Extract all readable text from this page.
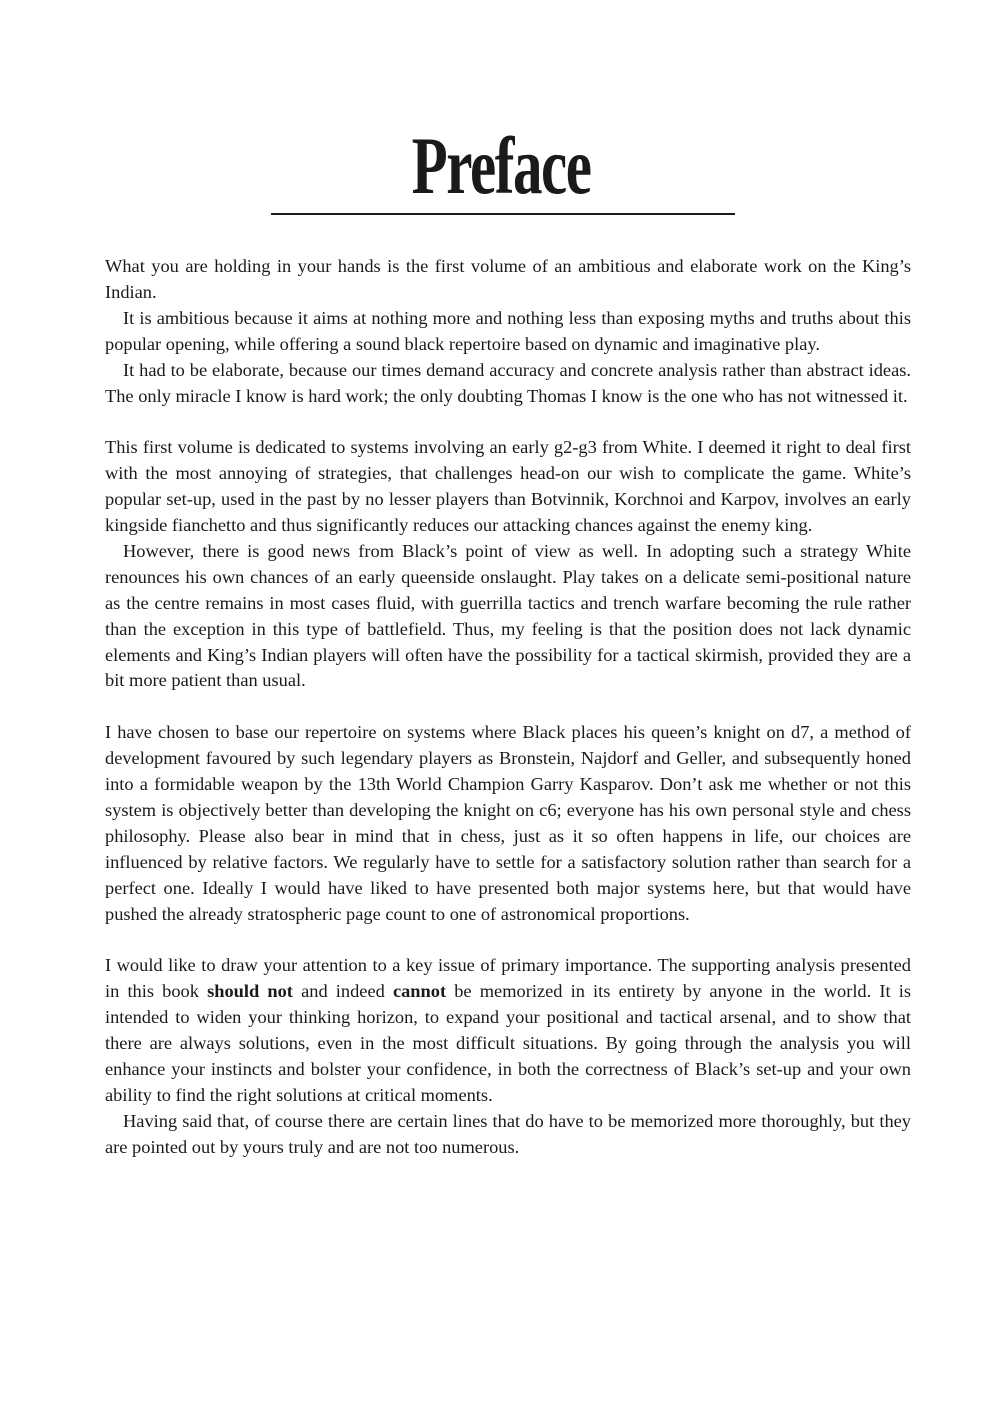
Preface

What you are holding in your hands is the first volume of an ambitious and elaborate work on the King’s Indian.

It is ambitious because it aims at nothing more and nothing less than exposing myths and truths about this popular opening, while offering a sound black repertoire based on dynamic and imaginative play.

It had to be elaborate, because our times demand accuracy and concrete analysis rather than abstract ideas. The only miracle I know is hard work; the only doubting Thomas I know is the one who has not witnessed it.

This first volume is dedicated to systems involving an early g2-g3 from White. I deemed it right to deal first with the most annoying of strategies, that challenges head-on our wish to complicate the game. White’s popular set-up, used in the past by no lesser players than Botvinnik, Korchnoi and Karpov, involves an early kingside fianchetto and thus significantly reduces our attacking chances against the enemy king.

However, there is good news from Black’s point of view as well. In adopting such a strategy White renounces his own chances of an early queenside onslaught. Play takes on a delicate semi-positional nature as the centre remains in most cases fluid, with guerrilla tactics and trench warfare becoming the rule rather than the exception in this type of battlefield. Thus, my feeling is that the position does not lack dynamic elements and King’s Indian players will often have the possibility for a tactical skirmish, provided they are a bit more patient than usual.

I have chosen to base our repertoire on systems where Black places his queen’s knight on d7, a method of development favoured by such legendary players as Bronstein, Najdorf and Geller, and subsequently honed into a formidable weapon by the 13th World Champion Garry Kasparov. Don’t ask me whether or not this system is objectively better than developing the knight on c6; everyone has his own personal style and chess philosophy. Please also bear in mind that in chess, just as it so often happens in life, our choices are influenced by relative factors. We regularly have to settle for a satisfactory solution rather than search for a perfect one. Ideally I would have liked to have presented both major systems here, but that would have pushed the already stratospheric page count to one of astronomical proportions.

I would like to draw your attention to a key issue of primary importance. The supporting analysis presented in this book should not and indeed cannot be memorized in its entirety by anyone in the world. It is intended to widen your thinking horizon, to expand your positional and tactical arsenal, and to show that there are always solutions, even in the most difficult situations. By going through the analysis you will enhance your instincts and bolster your confidence, in both the correctness of Black’s set-up and your own ability to find the right solutions at critical moments.

Having said that, of course there are certain lines that do have to be memorized more thoroughly, but they are pointed out by yours truly and are not too numerous.
